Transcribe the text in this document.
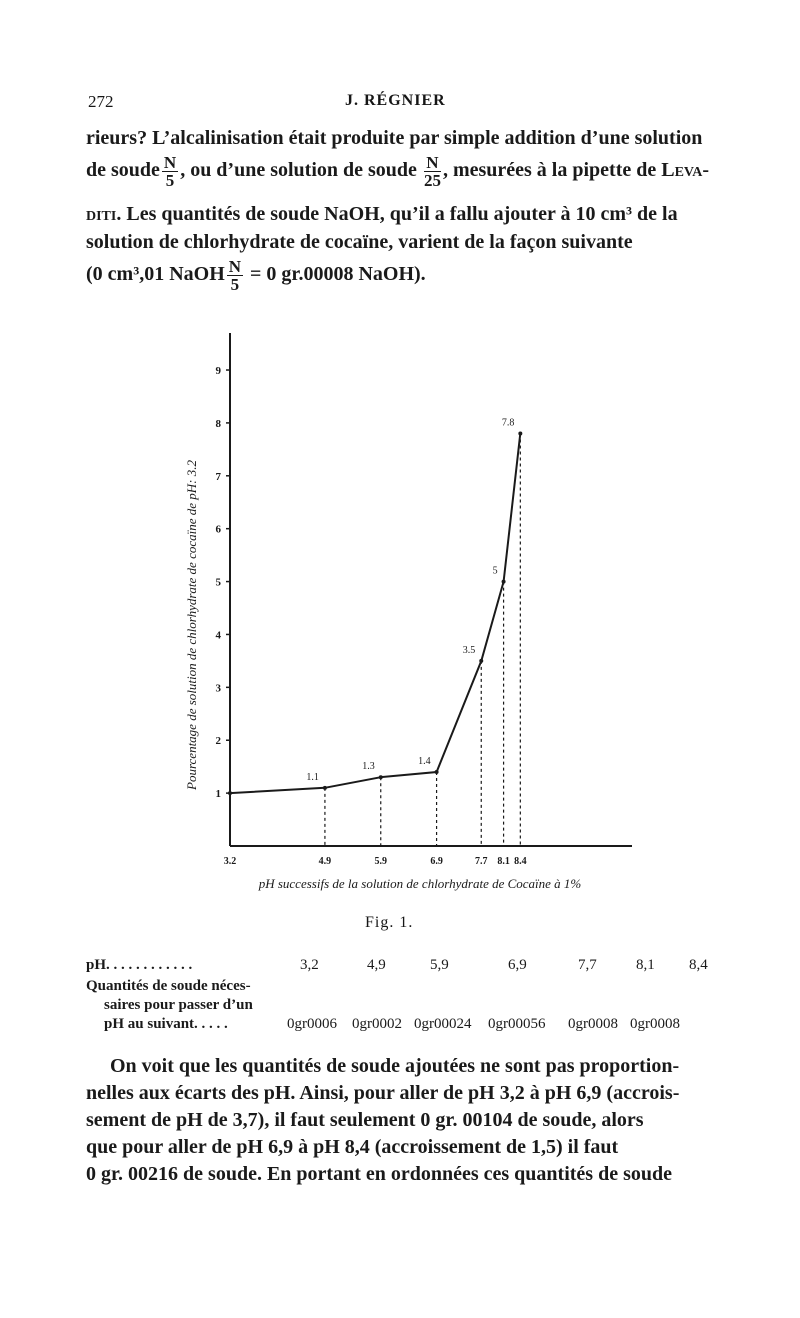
272	J. RÉGNIER
rieurs? L’alcalinisation était produite par simple addition d’une solution
de soude $\frac{N}{5}$ , ou d’une solution de soude $\frac{N}{25}$ , mesurées à la pipette de Leva-
diti. Les quantités de soude NaOH, qu’il a fallu ajouter à 10 cm³ de la
solution de chlorhydrate de cocaïne, varient de la façon suivante
(0 cm³,01 NaOH $\frac{N}{5} = 0$ gr.00008 NaOH).
1
2
3
4
5
6
7
8
9
1.1
1.3	1.4
3.5
5
7.8
3.2	4.9	5.9	6.9	7.7 8.1 8.4
pH successifs de la solution de chlorhydrate de Cocaïne à 1%
Pourcentage de solution de chlorhydrate de cocaïne de pH: 3.2
Fig. 1.
pH. . . . . . . . . . . .
Quantités de soude néces-
saires pour passer d’un
pH au suivant. . . . .
3,2	4,9	5,9	6,9	7,7	8,1 8,4
0gr0006 0gr0002 0gr00024 0gr00056 0gr0008 0gr0008
On voit que les quantités de soude ajoutées ne sont pas proportion-
nelles aux écarts des pH. Ainsi, pour aller de pH 3,2 à pH 6,9 (accrois-
sement de pH de 3,7), il faut seulement 0 gr. 00104 de soude, alors
que pour aller de pH 6,9 à pH 8,4 (accroissement de 1,5) il faut
0 gr. 00216 de soude. En portant en ordonnées ces quantités de soude
